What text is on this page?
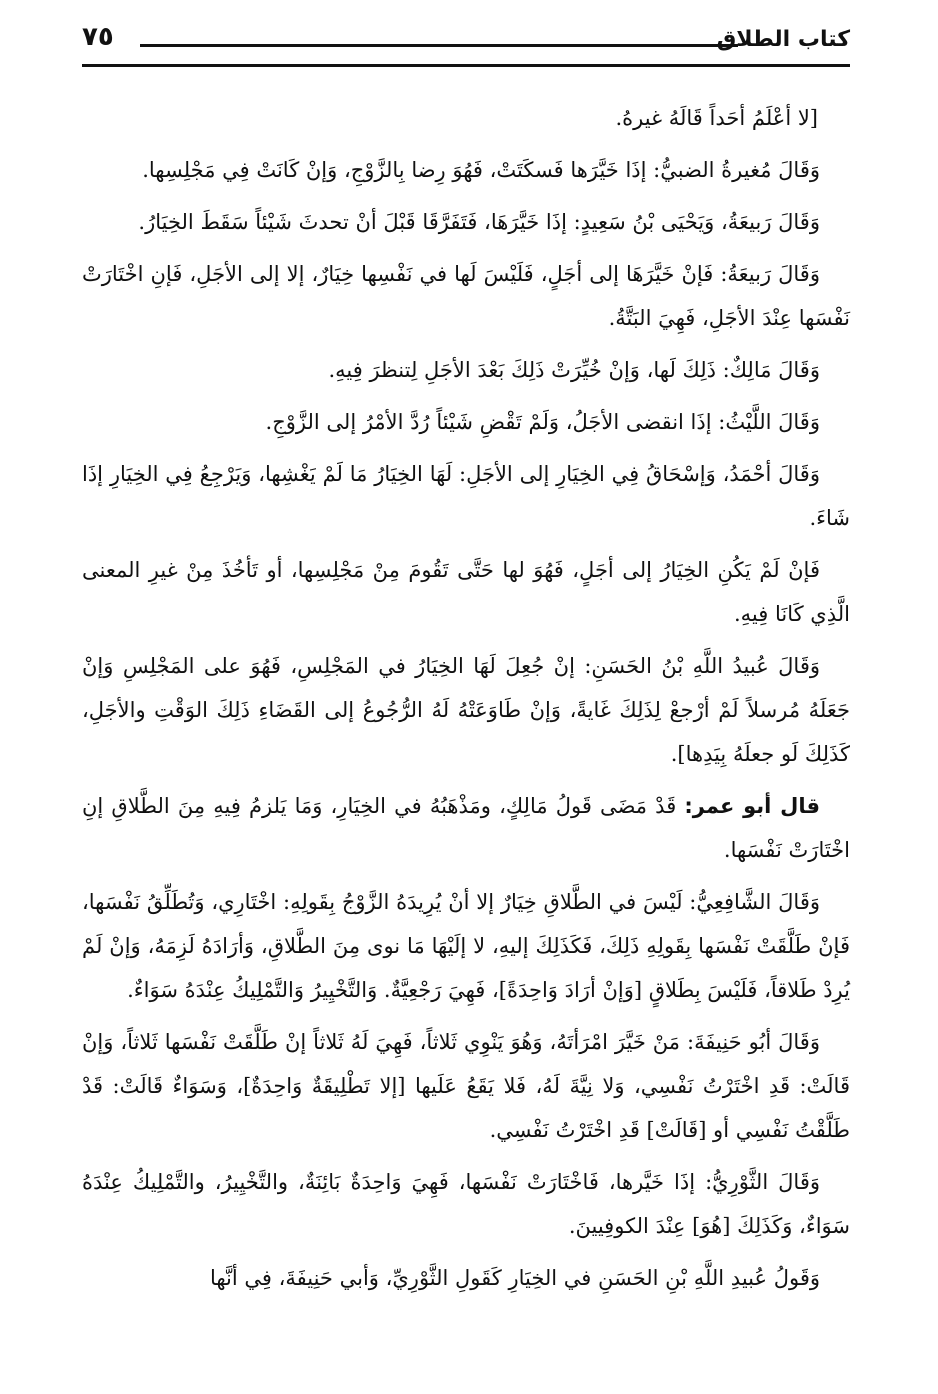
كتاب الطلاق
٧٥

[لا أعْلَمُ أحَداً قَالَهُ غيرهُ.

وَقَالَ مُغيرةُ الضبيُّ: إذَا خَيَّرَها فَسكَتَتْ، فَهُوَ رِضا بِالزَّوْجِ، وَإنْ كَانَتْ فِي مَجْلِسِها.

وَقَالَ رَبيعَةُ، وَيَحْيَى بْنُ سَعِيدٍ: إذَا خَيَّرَهَا، فَتَفَرَّقَا قَبْلَ أنْ تحدثَ شَيْئاً سَقَطَ الخِيَارُ.

وَقَالَ رَبيعَةُ: فَإنْ خَيَّرَهَا إلى أجَلٍ، فَلَيْسَ لَها في نَفْسِها خِيَارٌ، إلا إلى الأجَلِ، فَإنِ اخْتَارَتْ نَفْسَها عِنْدَ الأجَلِ، فَهِيَ البَتَّةُ.

وَقَالَ مَالِكٌ: ذَلِكَ لَها، وَإنْ خُيِّرَتْ ذَلِكَ بَعْدَ الأجَلِ لِتنظرَ فِيهِ.

وَقَالَ اللَّيْثُ: إذَا انقضى الأجَلُ، وَلَمْ تَقْضِ شَيْئاً رُدَّ الأمْرُ إلى الزَّوْجِ.

وَقَالَ أحْمَدُ، وَإسْحَاقُ فِي الخِيَارِ إلى الأجَلِ: لَهَا الخِيَارُ مَا لَمْ يَغْشِها، وَيَرْجِعُ فِي الخِيَارِ إذَا شَاءَ.

فَإنْ لَمْ يَكُنِ الخِيَارُ إلى أجَلٍ، فَهُوَ لها حَتَّى تَقُومَ مِنْ مَجْلِسِها، أو تَأخُذَ مِنْ غيرِ المعنى الَّذِي كَانَا فِيهِ.

وَقَالَ عُبيدُ اللَّهِ بْنُ الحَسَنِ: إنْ جُعِلَ لَهَا الخِيَارُ في المَجْلِسِ، فَهُوَ على المَجْلِسِ وَإنْ جَعَلَهُ مُرسلاً لَمْ أرْجعْ لِذَلِكَ غَايةً، وَإنْ طَاوَعَتْهُ لَهُ الرُّجُوعُ إلى القَضَاءِ ذَلِكَ الوَقْتِ والأجَلِ، كَذَلِكَ لَو جعلَهُ بِيَدِها].

قال أبو عمر: قَدْ مَضَى قَولُ مَالِكٍ، ومَذْهَبُهُ في الخِيَارِ، وَمَا يَلزمُ فِيهِ مِنَ الطَّلاقِ إنِ اخْتَارَتْ نَفْسَها.

وَقَالَ الشَّافِعِيُّ: لَيْسَ في الطَّلاقِ خِيَارٌ إلا أنْ يُرِيدَهُ الزَّوْجُ بِقَولِهِ: اخْتَارِي، وَتُطَلِّقُ نَفْسَها، فَإنْ طَلَّقَتْ نَفْسَها بِقَولِهِ ذَلِكَ، فَكَذَلِكَ إليهِ، لا إلَيْهَا مَا نوى مِنَ الطَّلاقِ، وَأرَادَهُ لَزِمَهُ، وَإنْ لَمْ يُرِدْ طَلاقاً، فَلَيْسَ بِطَلاقٍ [وَإنْ أرَادَ وَاحِدَةً]، فَهِيَ رَجْعِيَّةٌ. وَالتَّخْيِيرُ وَالتَّمْلِيكُ عِنْدَهُ سَوَاءٌ.

وَقَالَ أبُو حَنِيفَةَ: مَنْ خَيَّرَ امْرَأتَهُ، وَهُوَ يَنْوِي ثَلاثاً، فَهِيَ لَهُ ثَلاثاً إنْ طَلَّقَتْ نَفْسَها ثَلاثاً، وَإنْ قَالَتْ: قَدِ اخْتَرْتُ نَفْسِي، وَلا نِيَّةَ لَهُ، فَلا يَقَعُ عَلَيها [إلا تَطْلِيقَةٌ وَاحِدَةٌ]، وَسَوَاءٌ قَالَتْ: قَدْ طَلَّقْتُ نَفْسِي أو [قَالَتْ] قَدِ اخْتَرْتُ نَفْسِي.

وَقَالَ الثَّوْرِيُّ: إذَا خَيَّرها، فَاخْتَارَتْ نَفْسَها، فَهِيَ وَاحِدَةٌ بَائِنَةٌ، والتَّخْيِيرُ، والتَّمْلِيكُ عِنْدَهُ سَوَاءٌ، وَكَذَلِكَ [هُوَ] عِنْدَ الكوفِيينَ.

وَقَولُ عُبيدِ اللَّهِ بْنِ الحَسَنِ في الخِيَارِ كَقَولِ الثَّوْرِيِّ، وَأبي حَنِيفَةَ، فِي أنَّها
